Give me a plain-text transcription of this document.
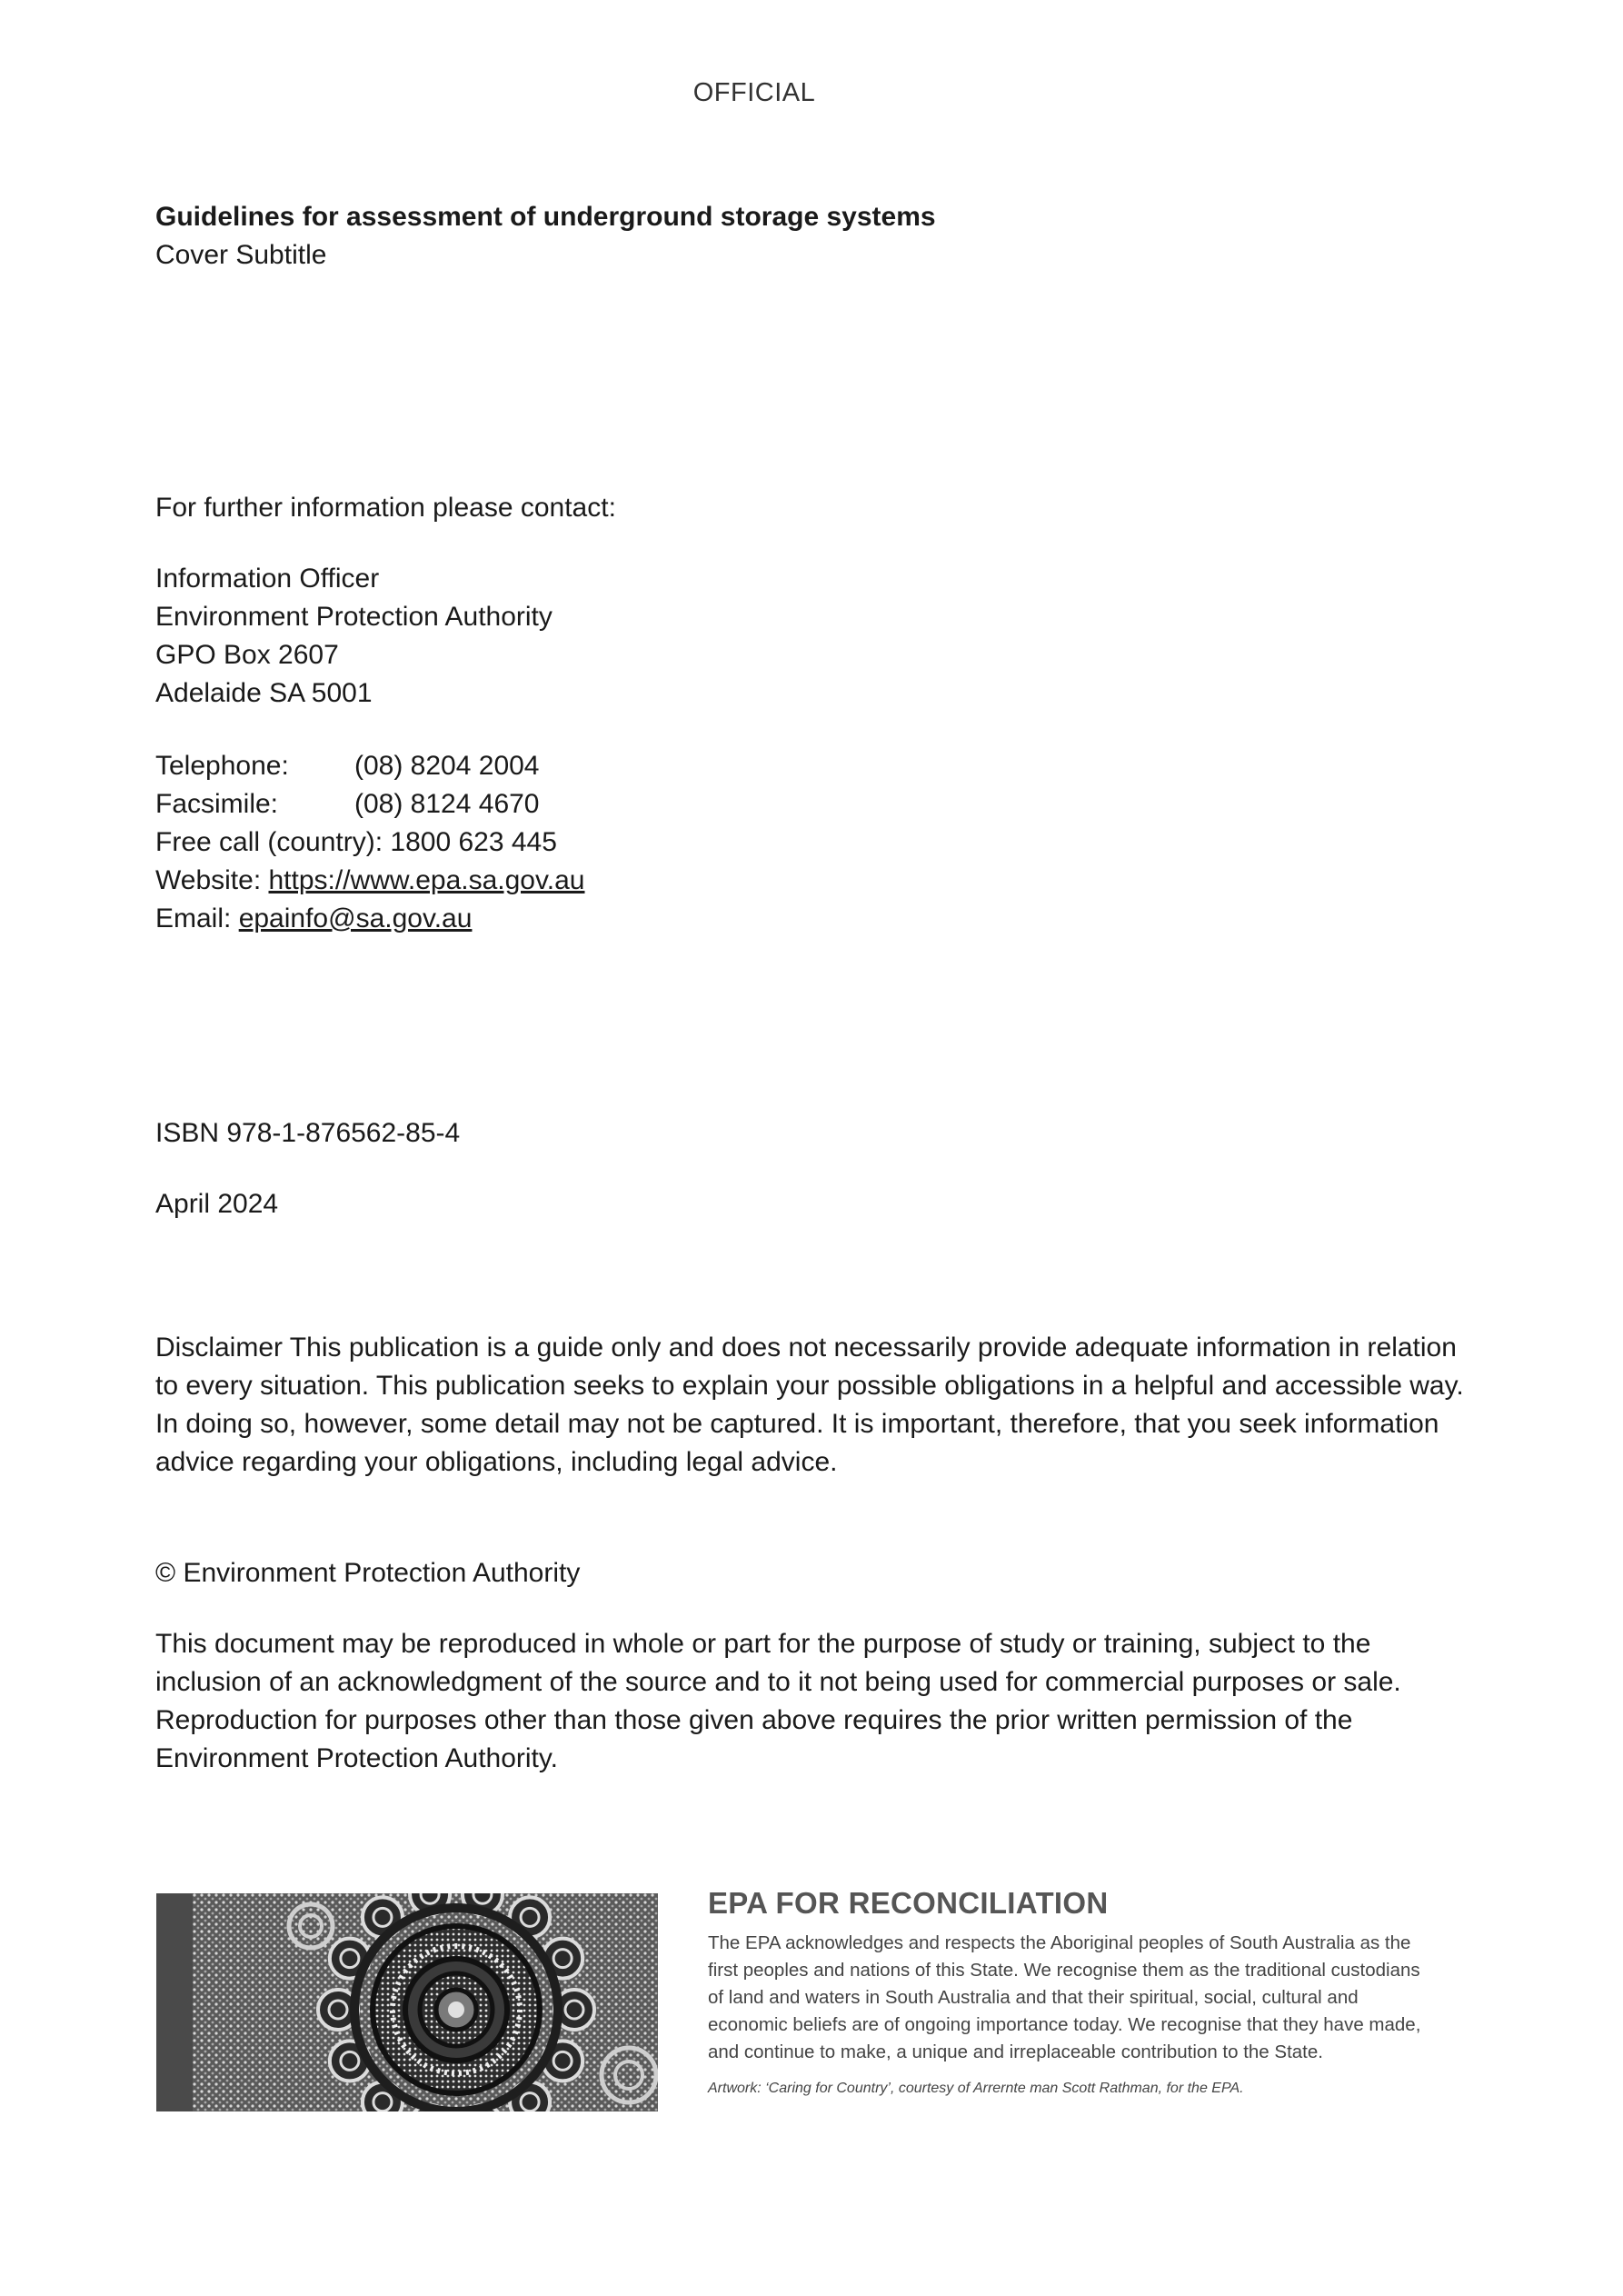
OFFICIAL
Guidelines for assessment of underground storage systems
Cover Subtitle
For further information please contact:
Information Officer
Environment Protection Authority
GPO Box 2607
Adelaide SA 5001
Telephone: (08) 8204 2004
Facsimile:	(08) 8124 4670
Free call (country): 1800 623 445
Website: https://www.epa.sa.gov.au
Email: epainfo@sa.gov.au
ISBN 978-1-876562-85-4
April 2024
Disclaimer This publication is a guide only and does not necessarily provide adequate information in relation
to every situation. This publication seeks to explain your possible obligations in a helpful and accessible way.
In doing so, however, some detail may not be captured. It is important, therefore, that you seek information
advice regarding your obligations, including legal advice.
© Environment Protection Authority
This document may be reproduced in whole or part for the purpose of study or training, subject to the
inclusion of an acknowledgment of the source and to it not being used for commercial purposes or sale.
Reproduction for purposes other than those given above requires the prior written permission of the
Environment Protection Authority.
EPA FOR RECONCILIATION
The EPA acknowledges and respects the Aboriginal peoples of South Australia as the
first peoples and nations of this State. We recognise them as the traditional custodians
of land and waters in South Australia and that their spiritual, social, cultural and
economic beliefs are of ongoing importance today. We recognise that they have made,
and continue to make, a unique and irreplaceable contribution to the State.
Artwork: ‘Caring for Country’, courtesy of Arrernte man Scott Rathman, for the EPA.
